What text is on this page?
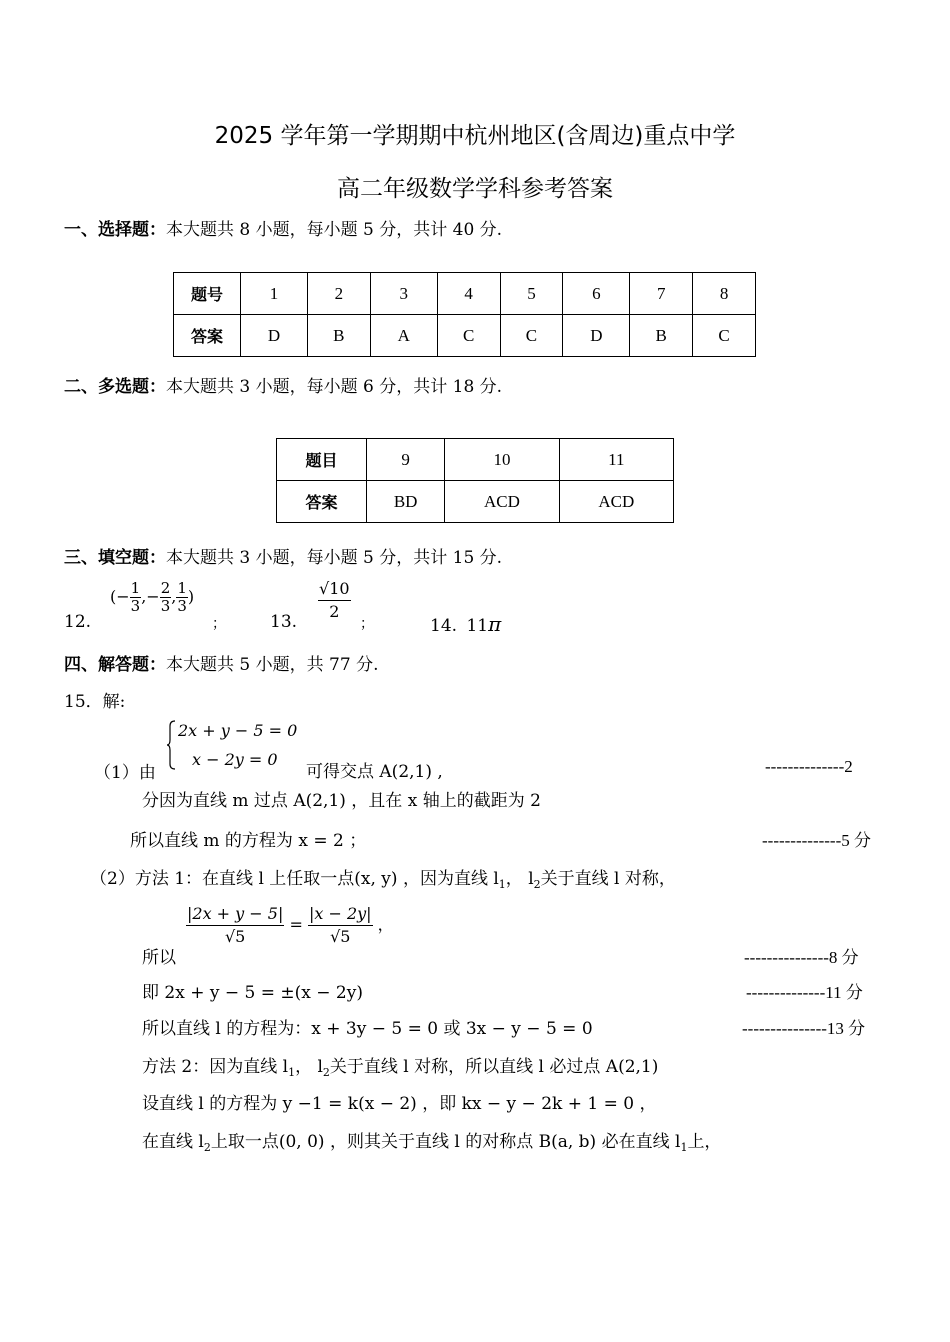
2025 学年第一学期期中杭州地区(含周边)重点中学
高二年级数学学科参考答案
一、选择题：本大题共 8 小题，每小题 5 分，共计 40 分.
题号	1	2	3	4	5	6	7	8
答案	D	B	A	C	C	D	B	C
二、多选题：本大题共 3 小题，每小题 6 分，共计 18 分.
题目	9	10	11
答案	BD	ACD	ACD
三、填空题：本大题共 3 小题，每小题 5 分，共计 15 分.
12.
(− $\frac{1}{3}$ ,− $\frac{2}{3}$ , $\frac{1}{3}$ )
；	13. $\frac{√10}{2}$
；	14. 11π
四、解答题：本大题共 5 小题，共 77 分.
15．解:
（1）由
2x + y − 5 = 0
x − 2y = 0
可得交点 A(2,1) ,	--------------2
分因为直线 m 过点 A(2,1) ，且在 x 轴上的截距为 2
所以直线 m 的方程为 x = 2 ；	--------------5 分
（2）方法 1：在直线 l 上任取一点(x, y) ，因为直线 $l_1$， $l_2$关于直线 l 对称，
$\frac{|2x + y - 5|}{√5} = \frac{|x - 2y|}{√5}$ ，
所以	---------------8 分
即 2x + y − 5 = ±(x − 2y)	--------------11 分
所以直线 l 的方程为：x + 3y − 5 = 0 或 3x − y − 5 = 0	---------------13 分
方法 2：因为直线 $l_1$， $l_2$关于直线 l 对称，所以直线 l 必过点 A(2,1)
设直线 l 的方程为 y −1 = k(x − 2) ，即 kx − y − 2k + 1 = 0 ，
在直线 $l_2$上取一点(0, 0) ，则其关于直线 l 的对称点 B(a, b) 必在直线 $l_1$上，
